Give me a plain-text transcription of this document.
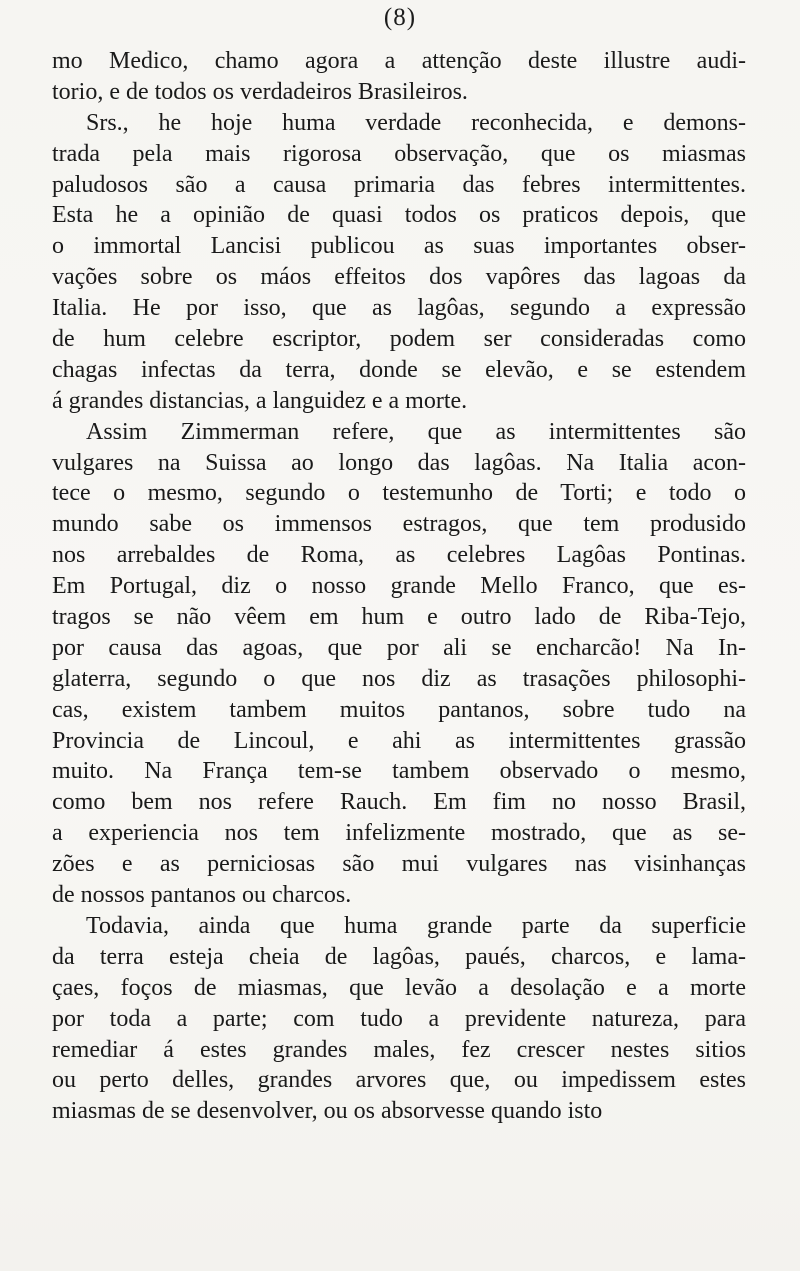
(8)
mo Medico, chamo agora a attenção deste illustre audi-
torio, e de todos os verdadeiros Brasileiros.
Srs., he hoje huma verdade reconhecida, e demons-
trada pela mais rigorosa observação, que os miasmas
paludosos são a causa primaria das febres intermittentes.
Esta he a opinião de quasi todos os praticos depois, que
o immortal Lancisi publicou as suas importantes obser-
vações sobre os máos effeitos dos vapôres das lagoas da
Italia. He por isso, que as lagôas, segundo a expressão
de hum celebre escriptor, podem ser consideradas como
chagas infectas da terra, donde se elevão, e se estendem
á grandes distancias, a languidez e a morte.
Assim Zimmerman refere, que as intermittentes são
vulgares na Suissa ao longo das lagôas. Na Italia acon-
tece o mesmo, segundo o testemunho de Torti; e todo o
mundo sabe os immensos estragos, que tem produsido
nos arrebaldes de Roma, as celebres Lagôas Pontinas.
Em Portugal, diz o nosso grande Mello Franco, que es-
tragos se não vêem em hum e outro lado de Riba-Tejo,
por causa das agoas, que por ali se encharcão! Na In-
glaterra, segundo o que nos diz as trasações philosophi-
cas, existem tambem muitos pantanos, sobre tudo na
Provincia de Lincoul, e ahi as intermittentes grassão
muito. Na França tem-se tambem observado o mesmo,
como bem nos refere Rauch. Em fim no nosso Brasil,
a experiencia nos tem infelizmente mostrado, que as se-
zões e as perniciosas são mui vulgares nas visinhanças
de nossos pantanos ou charcos.
Todavia, ainda que huma grande parte da superficie
da terra esteja cheia de lagôas, paués, charcos, e lama-
çaes, foços de miasmas, que levão a desolação e a morte
por toda a parte; com tudo a previdente natureza, para
remediar á estes grandes males, fez crescer nestes sitios
ou perto delles, grandes arvores que, ou impedissem estes
miasmas de se desenvolver, ou os absorvesse quando isto
